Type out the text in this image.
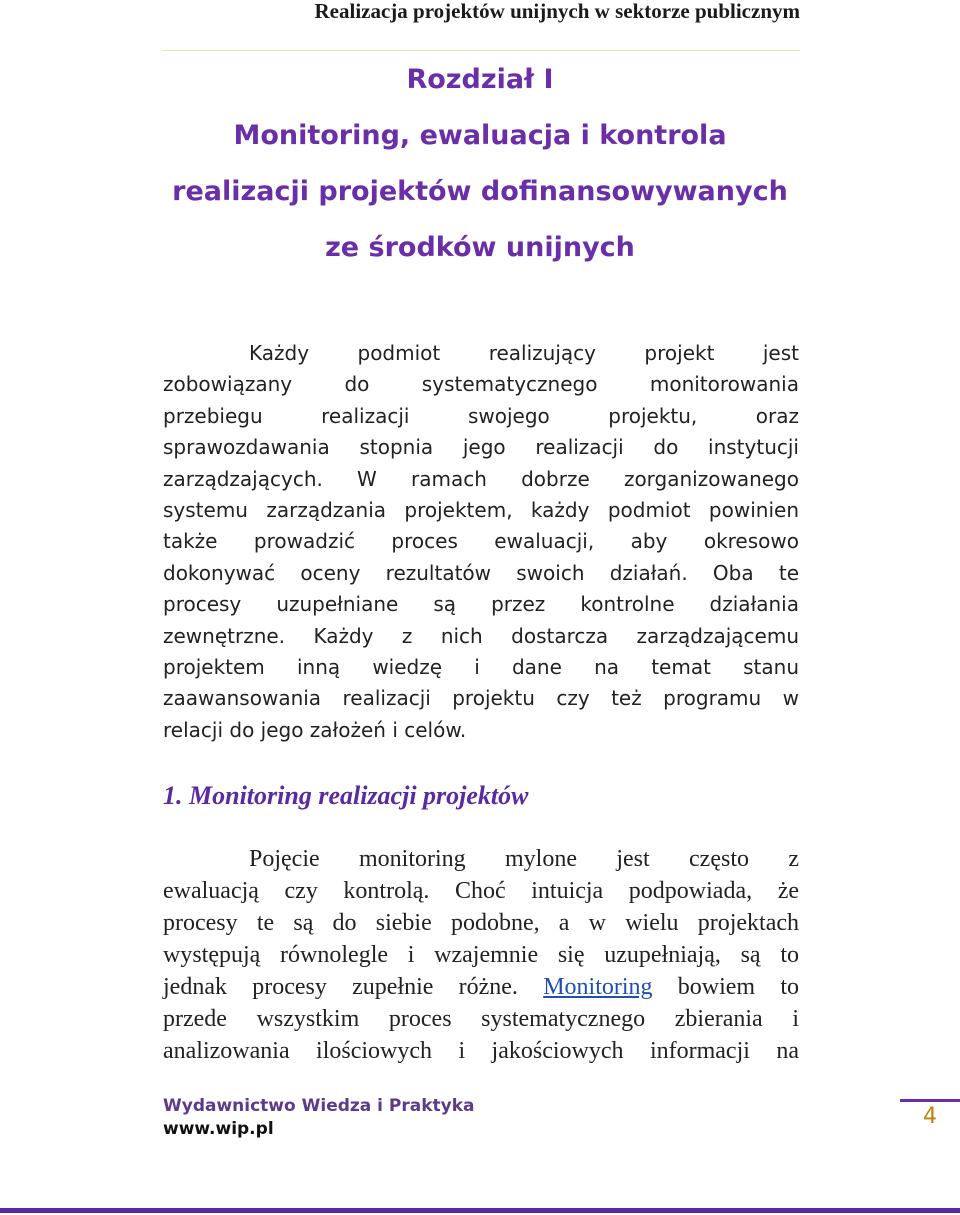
Realizacja projektów unijnych w sektorze publicznym
Rozdział I
Monitoring, ewaluacja i kontrola
realizacji projektów dofinansowywanych
ze środków unijnych
Każdy podmiot realizujący projekt jest
zobowiązany do systematycznego monitorowania
przebiegu realizacji swojego projektu, oraz
sprawozdawania stopnia jego realizacji do instytucji
zarządzających. W ramach dobrze zorganizowanego
systemu zarządzania projektem, każdy podmiot powinien
także prowadzić proces ewaluacji, aby okresowo
dokonywać oceny rezultatów swoich działań. Oba te
procesy uzupełniane są przez kontrolne działania
zewnętrzne. Każdy z nich dostarcza zarządzającemu
projektem inną wiedzę i dane na temat stanu
zaawansowania realizacji projektu czy też programu w
relacji do jego założeń i celów.
1. Monitoring realizacji projektów
Pojęcie monitoring mylone jest często z
ewaluacją czy kontrolą. Choć intuicja podpowiada, że
procesy te są do siebie podobne, a w wielu projektach
występują równolegle i wzajemnie się uzupełniają, są to
jednak procesy zupełnie różne. Monitoring bowiem to
przede wszystkim proces systematycznego zbierania i
analizowania ilościowych i jakościowych informacji na
Wydawnictwo Wiedza i Praktyka
www.wip.pl	4
